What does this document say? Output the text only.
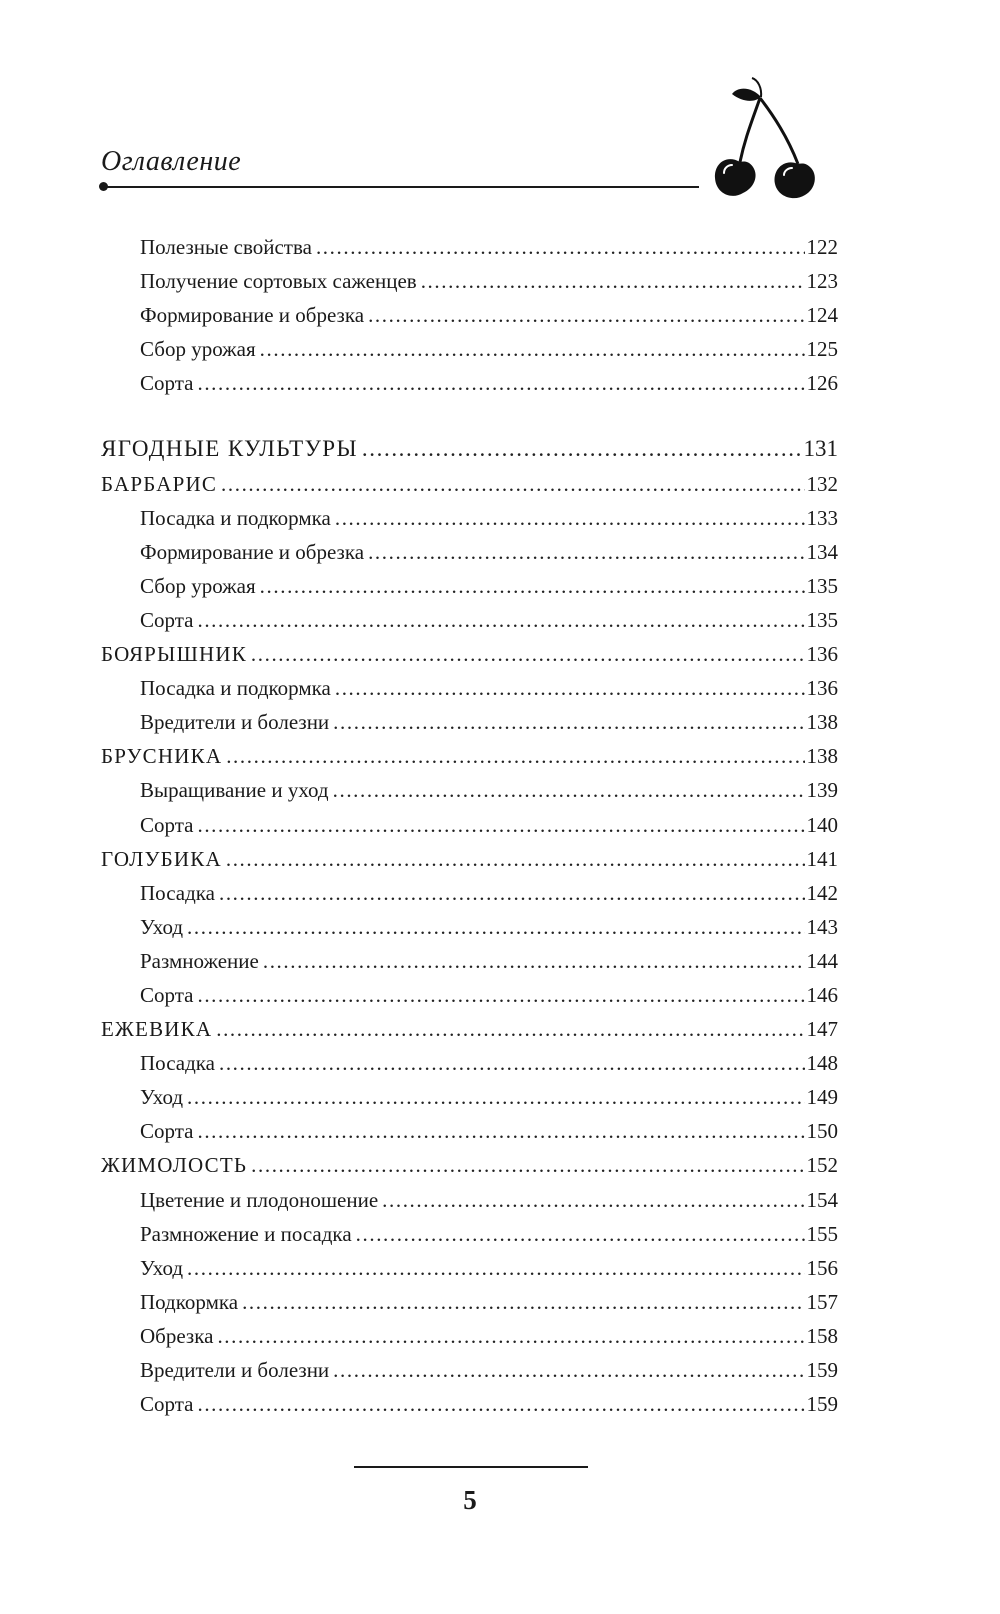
Оглавление
Полезные свойства .....	122
Получение сортовых саженцев .....	123
Формирование и обрезка .....	124
Сбор урожая .....	125
Сорта .....	126
ЯГОДНЫЕ КУЛЬТУРЫ .....	131
БАРБАРИС .....	132
Посадка и подкормка .....	133
Формирование и обрезка .....	134
Сбор урожая .....	135
Сорта .....	135
БОЯРЫШНИК .....	136
Посадка и подкормка .....	136
Вредители и болезни .....	138
БРУСНИКА .....	138
Выращивание и уход .....	139
Сорта .....	140
ГОЛУБИКА .....	141
Посадка .....	142
Уход .....	143
Размножение .....	144
Сорта .....	146
ЕЖЕВИКА .....	147
Посадка .....	148
Уход .....	149
Сорта .....	150
ЖИМОЛОСТЬ .....	152
Цветение и плодоношение .....	154
Размножение и посадка .....	155
Уход .....	156
Подкормка .....	157
Обрезка .....	158
Вредители и болезни .....	159
Сорта .....	159
5
